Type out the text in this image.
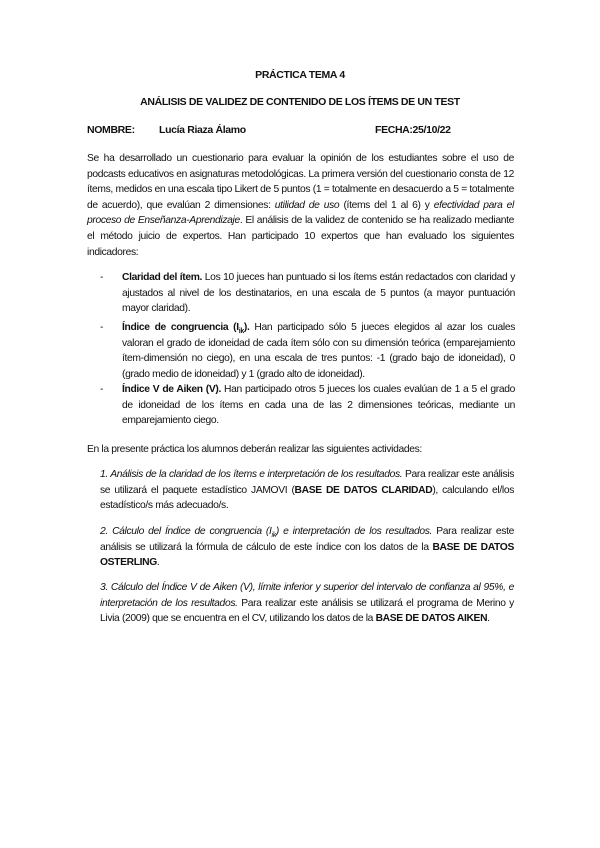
PRÁCTICA TEMA 4
ANÁLISIS DE VALIDEZ DE CONTENIDO DE LOS ÍTEMS DE UN TEST
NOMBRE: Lucía Riaza Álamo	FECHA:25/10/22
Se ha desarrollado un cuestionario para evaluar la opinión de los estudiantes sobre el uso de podcasts educativos en asignaturas metodológicas. La primera versión del cuestionario consta de 12 ítems, medidos en una escala tipo Likert de 5 puntos (1 = totalmente en desacuerdo a 5 = totalmente de acuerdo), que evalúan 2 dimensiones: utilidad de uso (ítems del 1 al 6) y efectividad para el proceso de Enseñanza-Aprendizaje. El análisis de la validez de contenido se ha realizado mediante el método juicio de expertos. Han participado 10 expertos que han evaluado los siguientes indicadores:
- Claridad del ítem. Los 10 jueces han puntuado si los ítems están redactados con claridad y ajustados al nivel de los destinatarios, en una escala de 5 puntos (a mayor puntuación mayor claridad).
- Índice de congruencia $(I_{ik})$. Han participado sólo 5 jueces elegidos al azar los cuales valoran el grado de idoneidad de cada ítem sólo con su dimensión teórica (emparejamiento ítem-dimensión no ciego), en una escala de tres puntos: -1 (grado bajo de idoneidad), 0 (grado medio de idoneidad) y 1 (grado alto de idoneidad).
- Índice V de Aiken (V). Han participado otros 5 jueces los cuales evalúan de 1 a 5 el grado de idoneidad de los ítems en cada una de las 2 dimensiones teóricas, mediante un emparejamiento ciego.
En la presente práctica los alumnos deberán realizar las siguientes actividades:
1. Análisis de la claridad de los ítems e interpretación de los resultados. Para realizar este análisis se utilizará el paquete estadístico JAMOVI (BASE DE DATOS CLARIDAD), calculando el/los estadístico/s más adecuado/s.
2. Cálculo del Índice de congruencia $(I_{ik})$ e interpretación de los resultados. Para realizar este análisis se utilizará la fórmula de cálculo de este índice con los datos de la BASE DE DATOS OSTERLING.
3. Cálculo del Índice V de Aiken (V), límite inferior y superior del intervalo de confianza al 95%, e interpretación de los resultados. Para realizar este análisis se utilizará el programa de Merino y Livia (2009) que se encuentra en el CV, utilizando los datos de la BASE DE DATOS AIKEN.
